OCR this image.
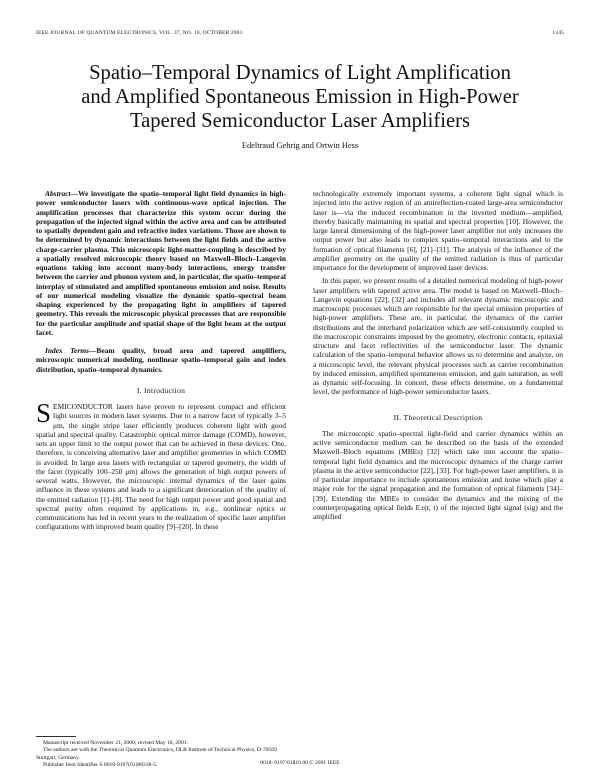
IEEE JOURNAL OF QUANTUM ELECTRONICS, VOL. 37, NO. 10, OCTOBER 2001	1345
Spatio–Temporal Dynamics of Light Amplification
and Amplified Spontaneous Emission in High-Power
Tapered Semiconductor Laser Amplifiers
Edeltraud Gehrig and Ortwin Hess

Abstract—We investigate the spatio–temporal light field dynamics in high-power semiconductor lasers with continuous-wave optical injection. The amplification processes that characterize this system occur during the propagation of the injected signal within the active area and can be attributed to spatially dependent gain and refractive index variations. Those are shown to be determined by dynamic interactions between the light fields and the active charge-carrier plasma. This microscopic light-matter-coupling is described by a spatially resolved microscopic theory based on Maxwell–Bloch–Langevin equations taking into account many-body interactions, energy transfer between the carrier and phonon system and, in particular, the spatio–temporal interplay of stimulated and amplified spontaneous emission and noise. Results of our numerical modeling visualize the dynamic spatio–spectral beam shaping experienced by the propagating light in amplifiers of tapered geometry. This reveals the microscopic physical processes that are responsible for the particular amplitude and spatial shape of the light beam at the output facet.

Index Terms—Beam quality, broad area and tapered amplifiers, microscopic numerical modeling, nonlinear spatio–temporal gain and index distribution, spatio–temporal dynamics.

I. Introduction

SEMICONDUCTOR lasers have proven to represent compact and efficient light sources in modern laser systems. Due to a narrow facet of typically 3–5 μm, the single stripe laser efficiently produces coherent light with good spatial and spectral quality. Catastrophic optical mirror damage (COMD), however, sets an upper limit to the output power that can be achieved in these devices. One, therefore, is conceiving alternative laser and amplifier geometries in which COMD is avoided. In large area lasers with rectangular or tapered geometry, the width of the facet (typically 100–250 μm) allows the generation of high output powers of several watts. However, the microscopic internal dynamics of the laser gains influence in these systems and leads to a significant deterioration of the quality of the emitted radiation [1]–[8]. The need for high output power and good spatial and spectral purity often required by applications in, e.g., nonlinear optics or communications has led in recent years to the realization of specific laser amplifier configurations with improved beam quality [9]–[20]. In these

technologically extremely important systems, a coherent light signal which is injected into the active region of an antireflection-coated large-area semiconductor laser is—via the induced recombination in the inverted medium—amplified, thereby basically maintaining its spatial and spectral properties [10]. However, the large lateral dimensioning of the high-power laser amplifier not only increases the output power but also leads to complex spatio–temporal interactions and to the formation of optical filaments [6], [21]–[31]. The analysis of the influence of the amplifier geometry on the quality of the emitted radiation is thus of particular importance for the development of improved laser devices.

In this paper, we present results of a detailed numerical modeling of high-power laser amplifiers with tapered active area. The model is based on Maxwell–Bloch–Langevin equations [22], [32] and includes all relevant dynamic microscopic and macroscopic processes which are responsible for the special emission properties of high-power amplifiers. These are, in particular, the dynamics of the carrier distributions and the interband polarization which are self-consistently coupled to the macroscopic constraints imposed by the geometry, electronic contacts, epitaxial structure and facet reflectivities of the semiconductor laser. The dynamic calculation of the spatio–temporal behavior allows us to determine and analyze, on a microscopic level, the relevant physical processes such as carrier recombination by induced emission, amplified spontaneous emission, and gain saturation, as well as dynamic self-focusing. In concert, these effects determine, on a fundamental level, the performance of high-power semiconductor lasers.

II. Theoretical Description

The microscopic spatio–spectral light-field and carrier dynamics within an active semiconductor medium can be described on the basis of the extended Maxwell–Bloch equations (MBEs) [32] which take into account the spatio–temporal light field dynamics and the microscopic dynamics of the charge carrier plasma in the active semiconductor [22], [33]. For high-power laser amplifiers, it is of particular importance to include spontaneous emission and noise which play a major role for the signal propagation and the formation of optical filaments [34]–[39]. Extending the MBEs to consider the dynamics and the mixing of the counterpropagating optical fields E±(r, t) of the injected light signal (sig) and the amplified

Manuscript received November 21, 2000; revised May 18, 2001.

The authors are with the Theoretical Quantum Electronics, DLR Institute of Technical Physics, D-70569 Stuttgart, Germany.

Publisher Item Identifier S 0018-9197(01)08338-5.	0018–9197/01$10.00 © 2001 IEEE
